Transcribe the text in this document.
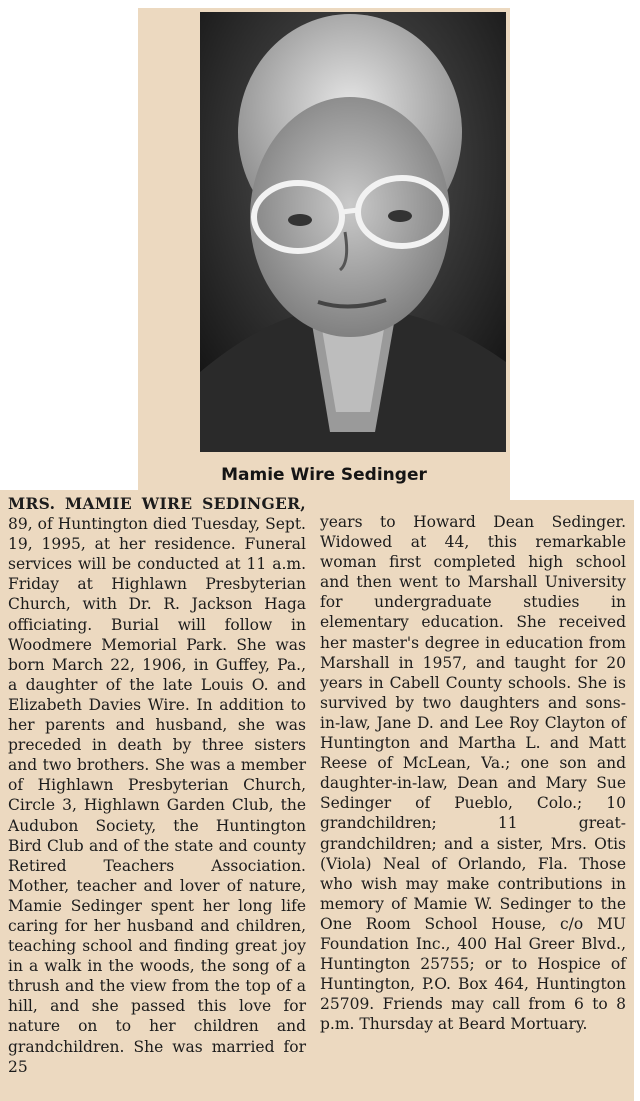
Mamie Wire Sedinger
MRS. MAMIE WIRE SEDINGER, 89, of Huntington died Tuesday, Sept. 19, 1995, at her residence. Funeral services will be conducted at 11 a.m. Friday at Highlawn Presbyterian Church, with Dr. R. Jackson Haga officiating. Burial will follow in Woodmere Memorial Park. She was born March 22, 1906, in Guffey, Pa., a daughter of the late Louis O. and Elizabeth Davies Wire. In addition to her parents and husband, she was preceded in death by three sisters and two brothers. She was a member of Highlawn Presbyterian Church, Circle 3, Highlawn Garden Club, the Audubon Society, the Huntington Bird Club and of the state and county Retired Teachers Association. Mother, teacher and lover of nature, Mamie Sedinger spent her long life caring for her husband and children, teaching school and finding great joy in a walk in the woods, the song of a thrush and the view from the top of a hill, and she passed this love for nature on to her children and grandchildren. She was married for 25
years to Howard Dean Sedinger. Widowed at 44, this remarkable woman first completed high school and then went to Marshall University for undergraduate studies in elementary education. She received her master's degree in education from Marshall in 1957, and taught for 20 years in Cabell County schools. She is survived by two daughters and sons-in-law, Jane D. and Lee Roy Clayton of Huntington and Martha L. and Matt Reese of McLean, Va.; one son and daughter-in-law, Dean and Mary Sue Sedinger of Pueblo, Colo.; 10 grandchildren; 11 great-grandchildren; and a sister, Mrs. Otis (Viola) Neal of Orlando, Fla. Those who wish may make contributions in memory of Mamie W. Sedinger to the One Room School House, c/o MU Foundation Inc., 400 Hal Greer Blvd., Huntington 25755; or to Hospice of Huntington, P.O. Box 464, Huntington 25709. Friends may call from 6 to 8 p.m. Thursday at Beard Mortuary.
